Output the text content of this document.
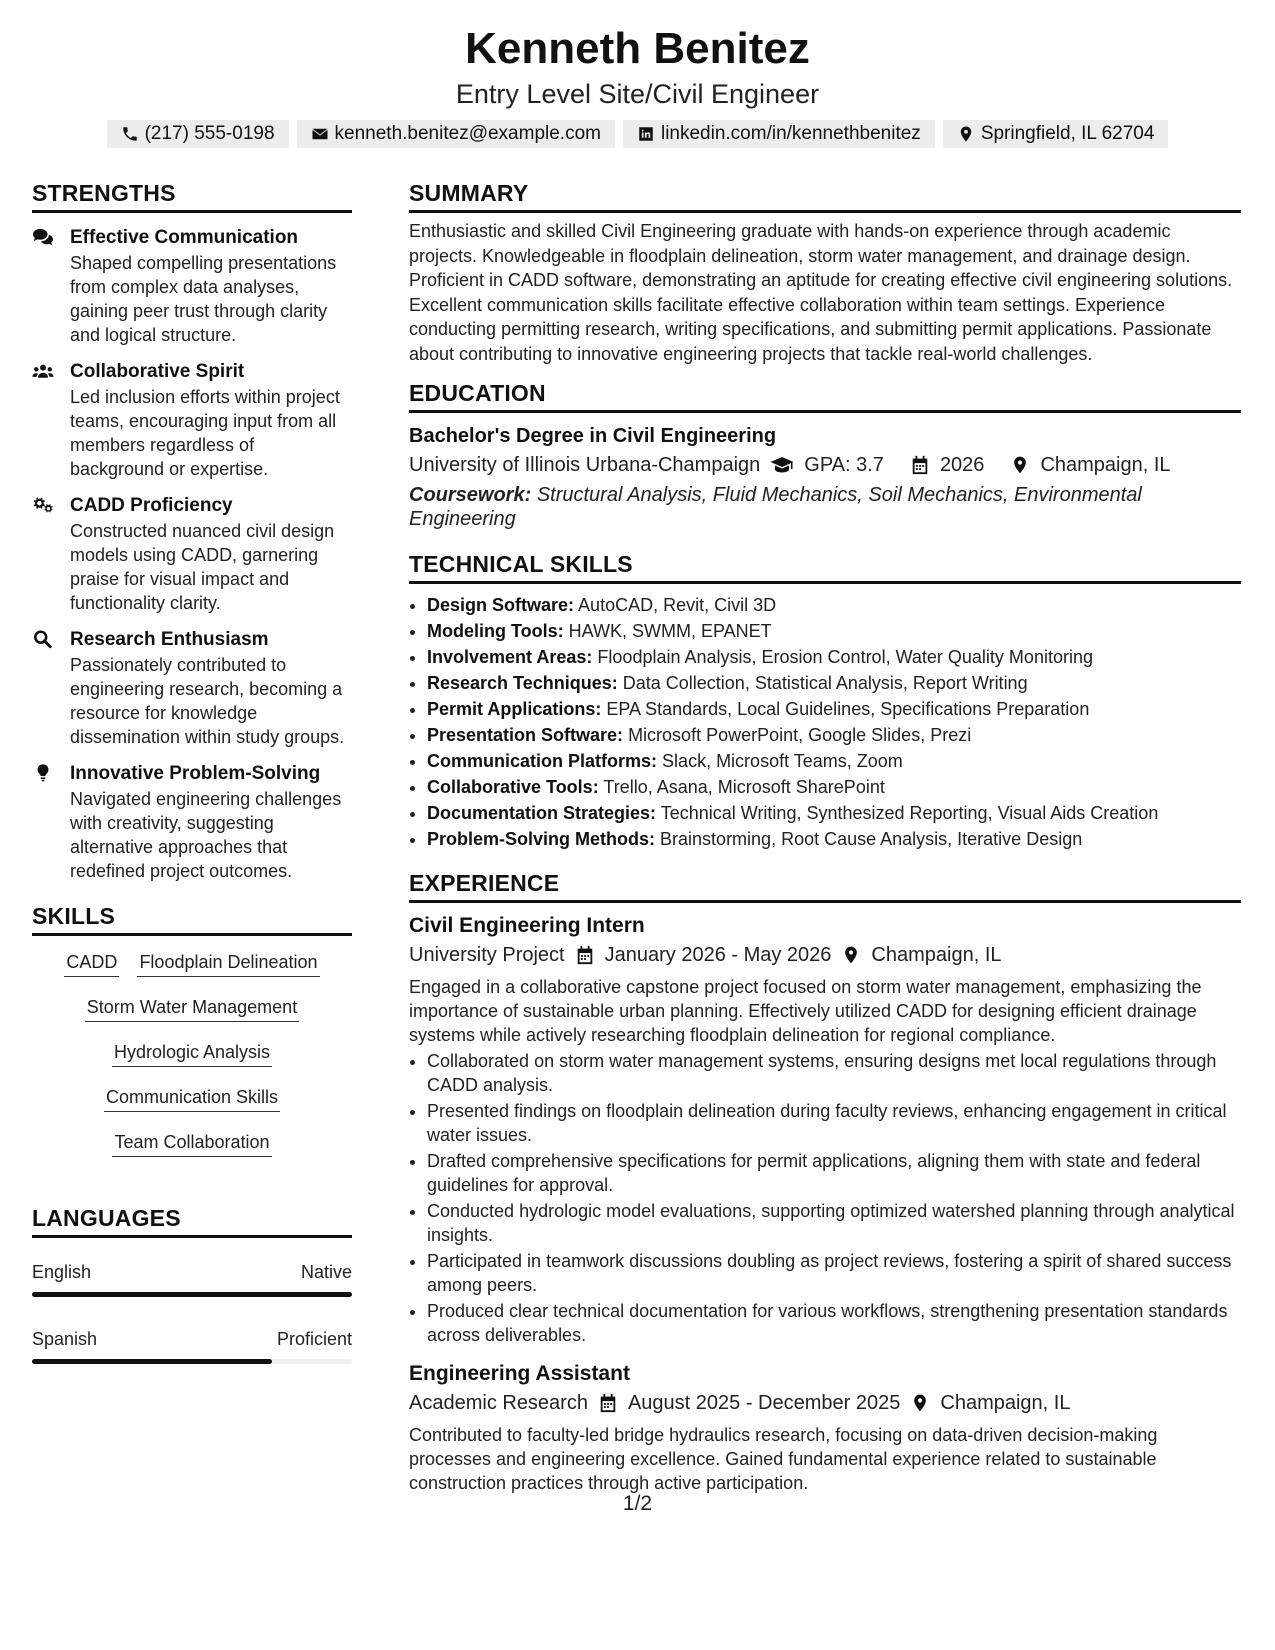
Kenneth Benitez
Entry Level Site/Civil Engineer
(217) 555-0198	kenneth.benitez@example.com	linkedin.com/in/kennethbenitez	Springfield, IL 62704
STRENGTHS
Effective Communication
Shaped compelling presentations from complex data analyses, gaining peer trust through clarity and logical structure.
Collaborative Spirit
Led inclusion efforts within project teams, encouraging input from all members regardless of background or expertise.
CADD Proficiency
Constructed nuanced civil design models using CADD, garnering praise for visual impact and functionality clarity.
Research Enthusiasm
Passionately contributed to engineering research, becoming a resource for knowledge dissemination within study groups.
Innovative Problem-Solving
Navigated engineering challenges with creativity, suggesting alternative approaches that redefined project outcomes.
SKILLS
CADD Floodplain Delineation
Storm Water Management
Hydrologic Analysis
Communication Skills
Team Collaboration
LANGUAGES
English	Native
Spanish	Proficient
SUMMARY
Enthusiastic and skilled Civil Engineering graduate with hands-on experience through academic projects. Knowledgeable in floodplain delineation, storm water management, and drainage design. Proficient in CADD software, demonstrating an aptitude for creating effective civil engineering solutions. Excellent communication skills facilitate effective collaboration within team settings. Experience conducting permitting research, writing specifications, and submitting permit applications. Passionate about contributing to innovative engineering projects that tackle real-world challenges.
EDUCATION
Bachelor's Degree in Civil Engineering
University of Illinois Urbana-Champaign GPA: 3.7	2026	Champaign, IL
Coursework: Structural Analysis, Fluid Mechanics, Soil Mechanics, Environmental Engineering
TECHNICAL SKILLS
• Design Software: AutoCAD, Revit, Civil 3D
• Modeling Tools: HAWK, SWMM, EPANET
• Involvement Areas: Floodplain Analysis, Erosion Control, Water Quality Monitoring
• Research Techniques: Data Collection, Statistical Analysis, Report Writing
• Permit Applications: EPA Standards, Local Guidelines, Specifications Preparation
• Presentation Software: Microsoft PowerPoint, Google Slides, Prezi
• Communication Platforms: Slack, Microsoft Teams, Zoom
• Collaborative Tools: Trello, Asana, Microsoft SharePoint
• Documentation Strategies: Technical Writing, Synthesized Reporting, Visual Aids Creation
• Problem-Solving Methods: Brainstorming, Root Cause Analysis, Iterative Design
EXPERIENCE
Civil Engineering Intern
University Project January 2026 - May 2026 Champaign, IL
Engaged in a collaborative capstone project focused on storm water management, emphasizing the importance of sustainable urban planning. Effectively utilized CADD for designing efficient drainage systems while actively researching floodplain delineation for regional compliance.
• Collaborated on storm water management systems, ensuring designs met local regulations through CADD analysis.
• Presented findings on floodplain delineation during faculty reviews, enhancing engagement in critical water issues.
• Drafted comprehensive specifications for permit applications, aligning them with state and federal guidelines for approval.
• Conducted hydrologic model evaluations, supporting optimized watershed planning through analytical insights.
• Participated in teamwork discussions doubling as project reviews, fostering a spirit of shared success among peers.
• Produced clear technical documentation for various workflows, strengthening presentation standards across deliverables.
Engineering Assistant
Academic Research August 2025 - December 2025 Champaign, IL
Contributed to faculty-led bridge hydraulics research, focusing on data-driven decision-making processes and engineering excellence. Gained fundamental experience related to sustainable construction practices through active participation.
1/2
